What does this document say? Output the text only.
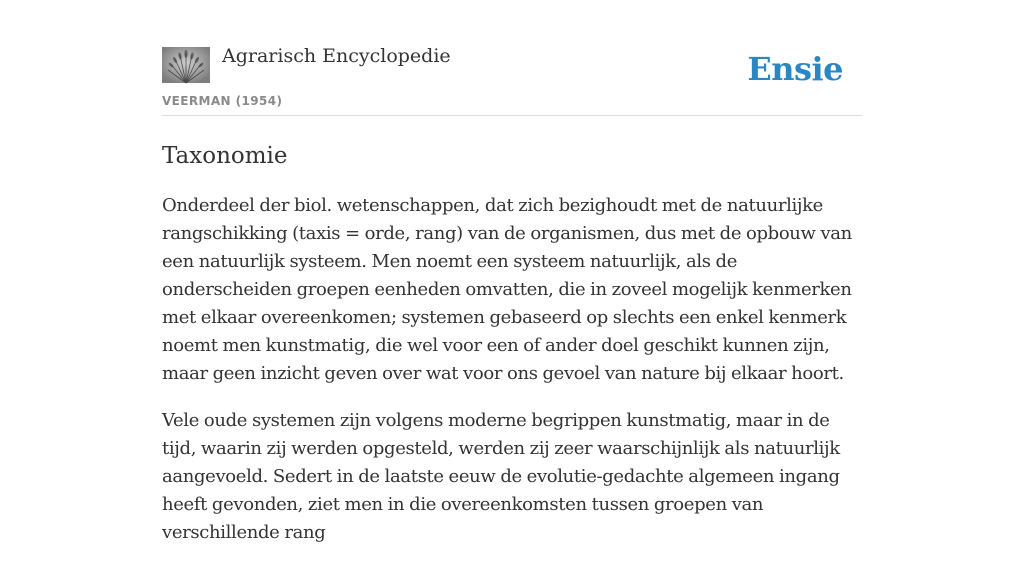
Agrarisch Encyclopedie
VEERMAN (1954)
Ensie
Taxonomie

Onderdeel der biol. wetenschappen, dat zich bezighoudt met de natuurlijke rangschikking (taxis = orde, rang) van de organismen, dus met de opbouw van een natuurlijk systeem. Men noemt een systeem natuurlijk, als de onderscheiden groepen eenheden omvatten, die in zoveel mogelijk kenmerken met elkaar overeenkomen; systemen gebaseerd op slechts een enkel kenmerk noemt men kunstmatig, die wel voor een of ander doel geschikt kunnen zijn, maar geen inzicht geven over wat voor ons gevoel van nature bij elkaar hoort.

Vele oude systemen zijn volgens moderne begrippen kunstmatig, maar in de tijd, waarin zij werden opgesteld, werden zij zeer waarschijnlijk als natuurlijk aangevoeld. Sedert in de laatste eeuw de evolutie-gedachte algemeen ingang heeft gevonden, ziet men in die overeenkomsten tussen groepen van verschillende rang
